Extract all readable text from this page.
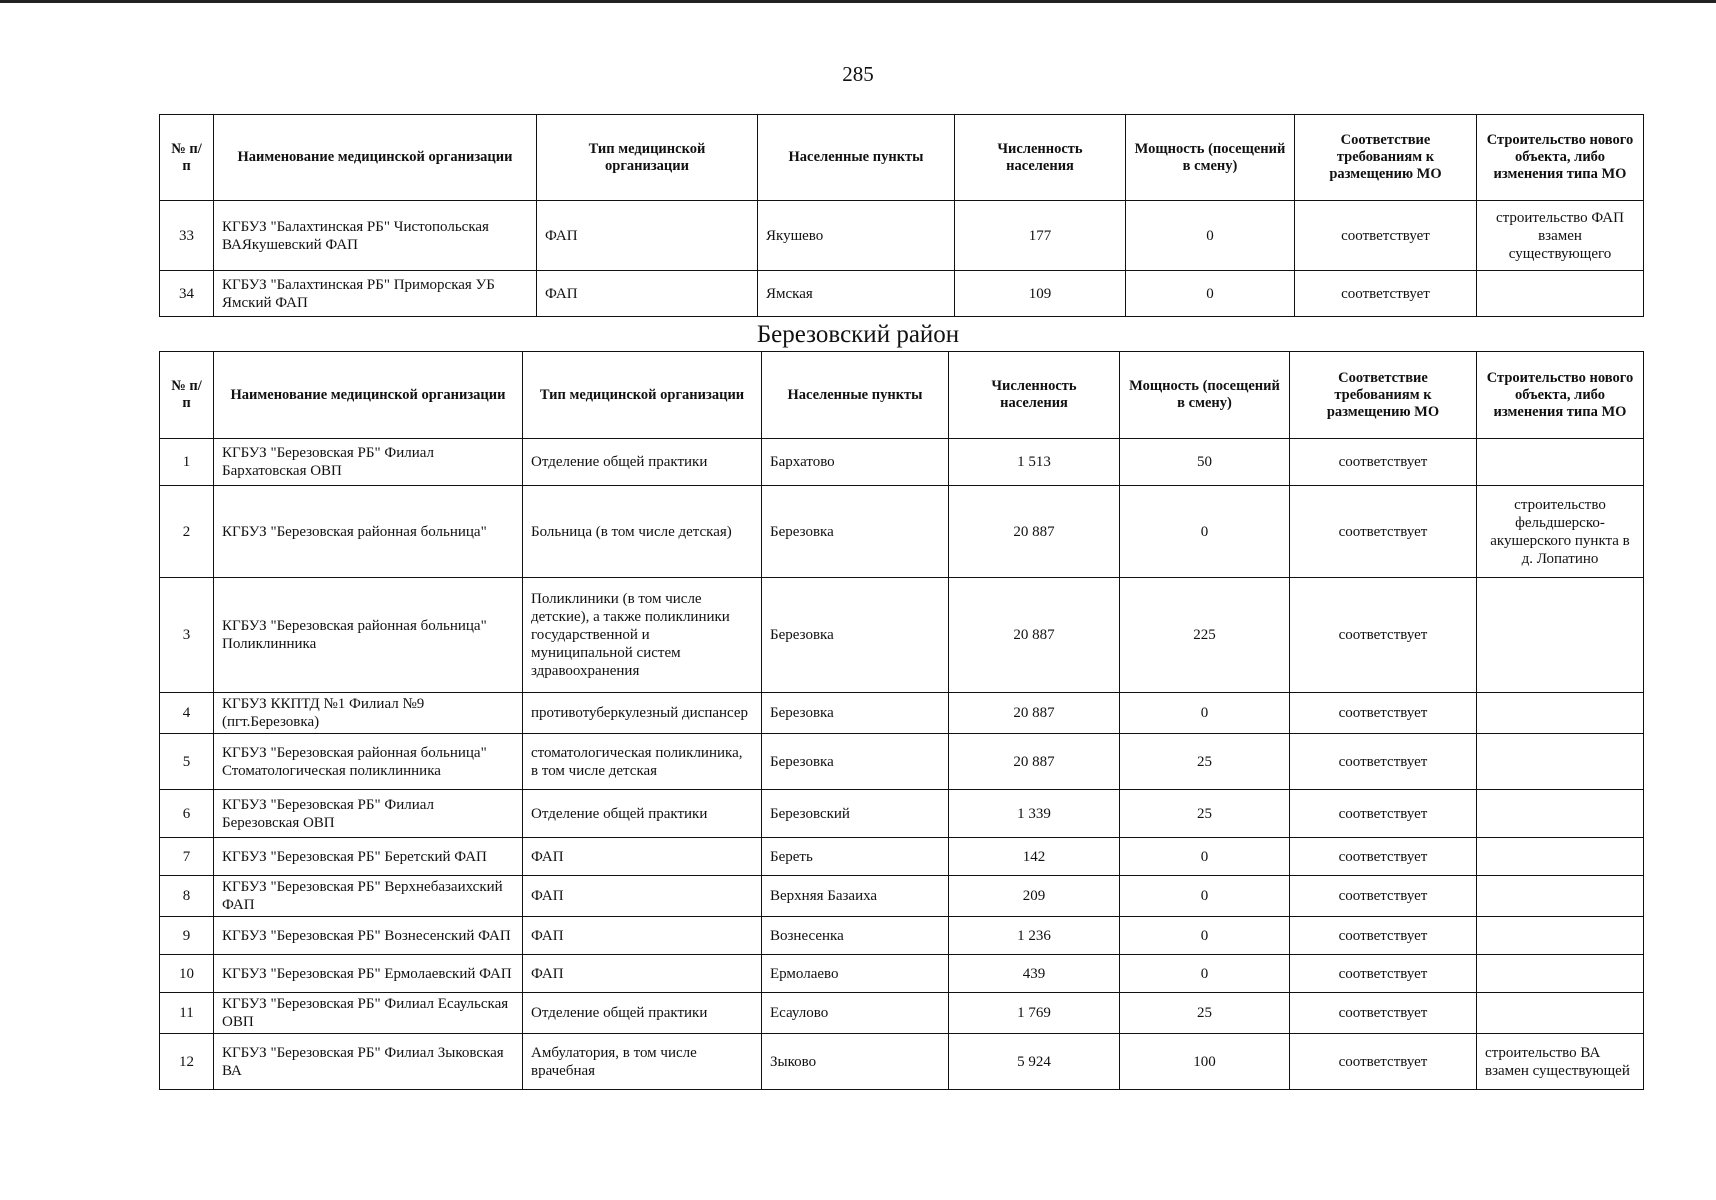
285
№ п/п	Наименование медицинской организации	Тип медицинской организации	Населенные пункты	Численность населения	Мощность (посещений в смену)	Соответствие требованиям к размещению МО	Строительство нового объекта, либо изменения типа МО
33	КГБУЗ "Балахтинская РБ" Чистопольская ВАЯкушевский ФАП	ФАП	Якушево	177	0	соответствует	строительство ФАП взамен существующего
34	КГБУЗ "Балахтинская РБ" Приморская УБ Ямский ФАП	ФАП	Ямская	109	0	соответствует	
Березовский район
№ п/п	Наименование медицинской организации	Тип медицинской организации	Населенные пункты	Численность населения	Мощность (посещений в смену)	Соответствие требованиям к размещению МО	Строительство нового объекта, либо изменения типа МО
1	КГБУЗ "Березовская РБ" Филиал Бархатовская ОВП	Отделение общей практики	Бархатово	1 513	50	соответствует	
2	КГБУЗ "Березовская районная больница"	Больница (в том числе детская)	Березовка	20 887	0	соответствует	строительство фельдшерско-акушерского пункта в д. Лопатино
3	КГБУЗ "Березовская районная больница" Поликлинника	Поликлиники (в том числе детские), а также поликлиники государственной и муниципальной систем здравоохранения	Березовка	20 887	225	соответствует	
4	КГБУЗ ККПТД №1 Филиал №9 (пгт.Березовка)	противотуберкулезный диспансер	Березовка	20 887	0	соответствует	
5	КГБУЗ "Березовская районная больница" Стоматологическая поликлинника	стоматологическая поликлиника, в том числе детская	Березовка	20 887	25	соответствует	
6	КГБУЗ "Березовская РБ" Филиал Березовская ОВП	Отделение общей практики	Березовский	1 339	25	соответствует	
7	КГБУЗ "Березовская РБ" Беретский ФАП	ФАП	Береть	142	0	соответствует	
8	КГБУЗ "Березовская РБ" Верхнебазаихский ФАП	ФАП	Верхняя Базаиха	209	0	соответствует	
9	КГБУЗ "Березовская РБ" Вознесенский ФАП	ФАП	Вознесенка	1 236	0	соответствует	
10	КГБУЗ "Березовская РБ" Ермолаевский ФАП	ФАП	Ермолаево	439	0	соответствует	
11	КГБУЗ "Березовская РБ" Филиал Есаульская ОВП	Отделение общей практики	Есаулово	1 769	25	соответствует	
12	КГБУЗ "Березовская РБ" Филиал Зыковская ВА	Амбулатория, в том числе врачебная	Зыково	5 924	100	соответствует	строительство ВА взамен существующей
